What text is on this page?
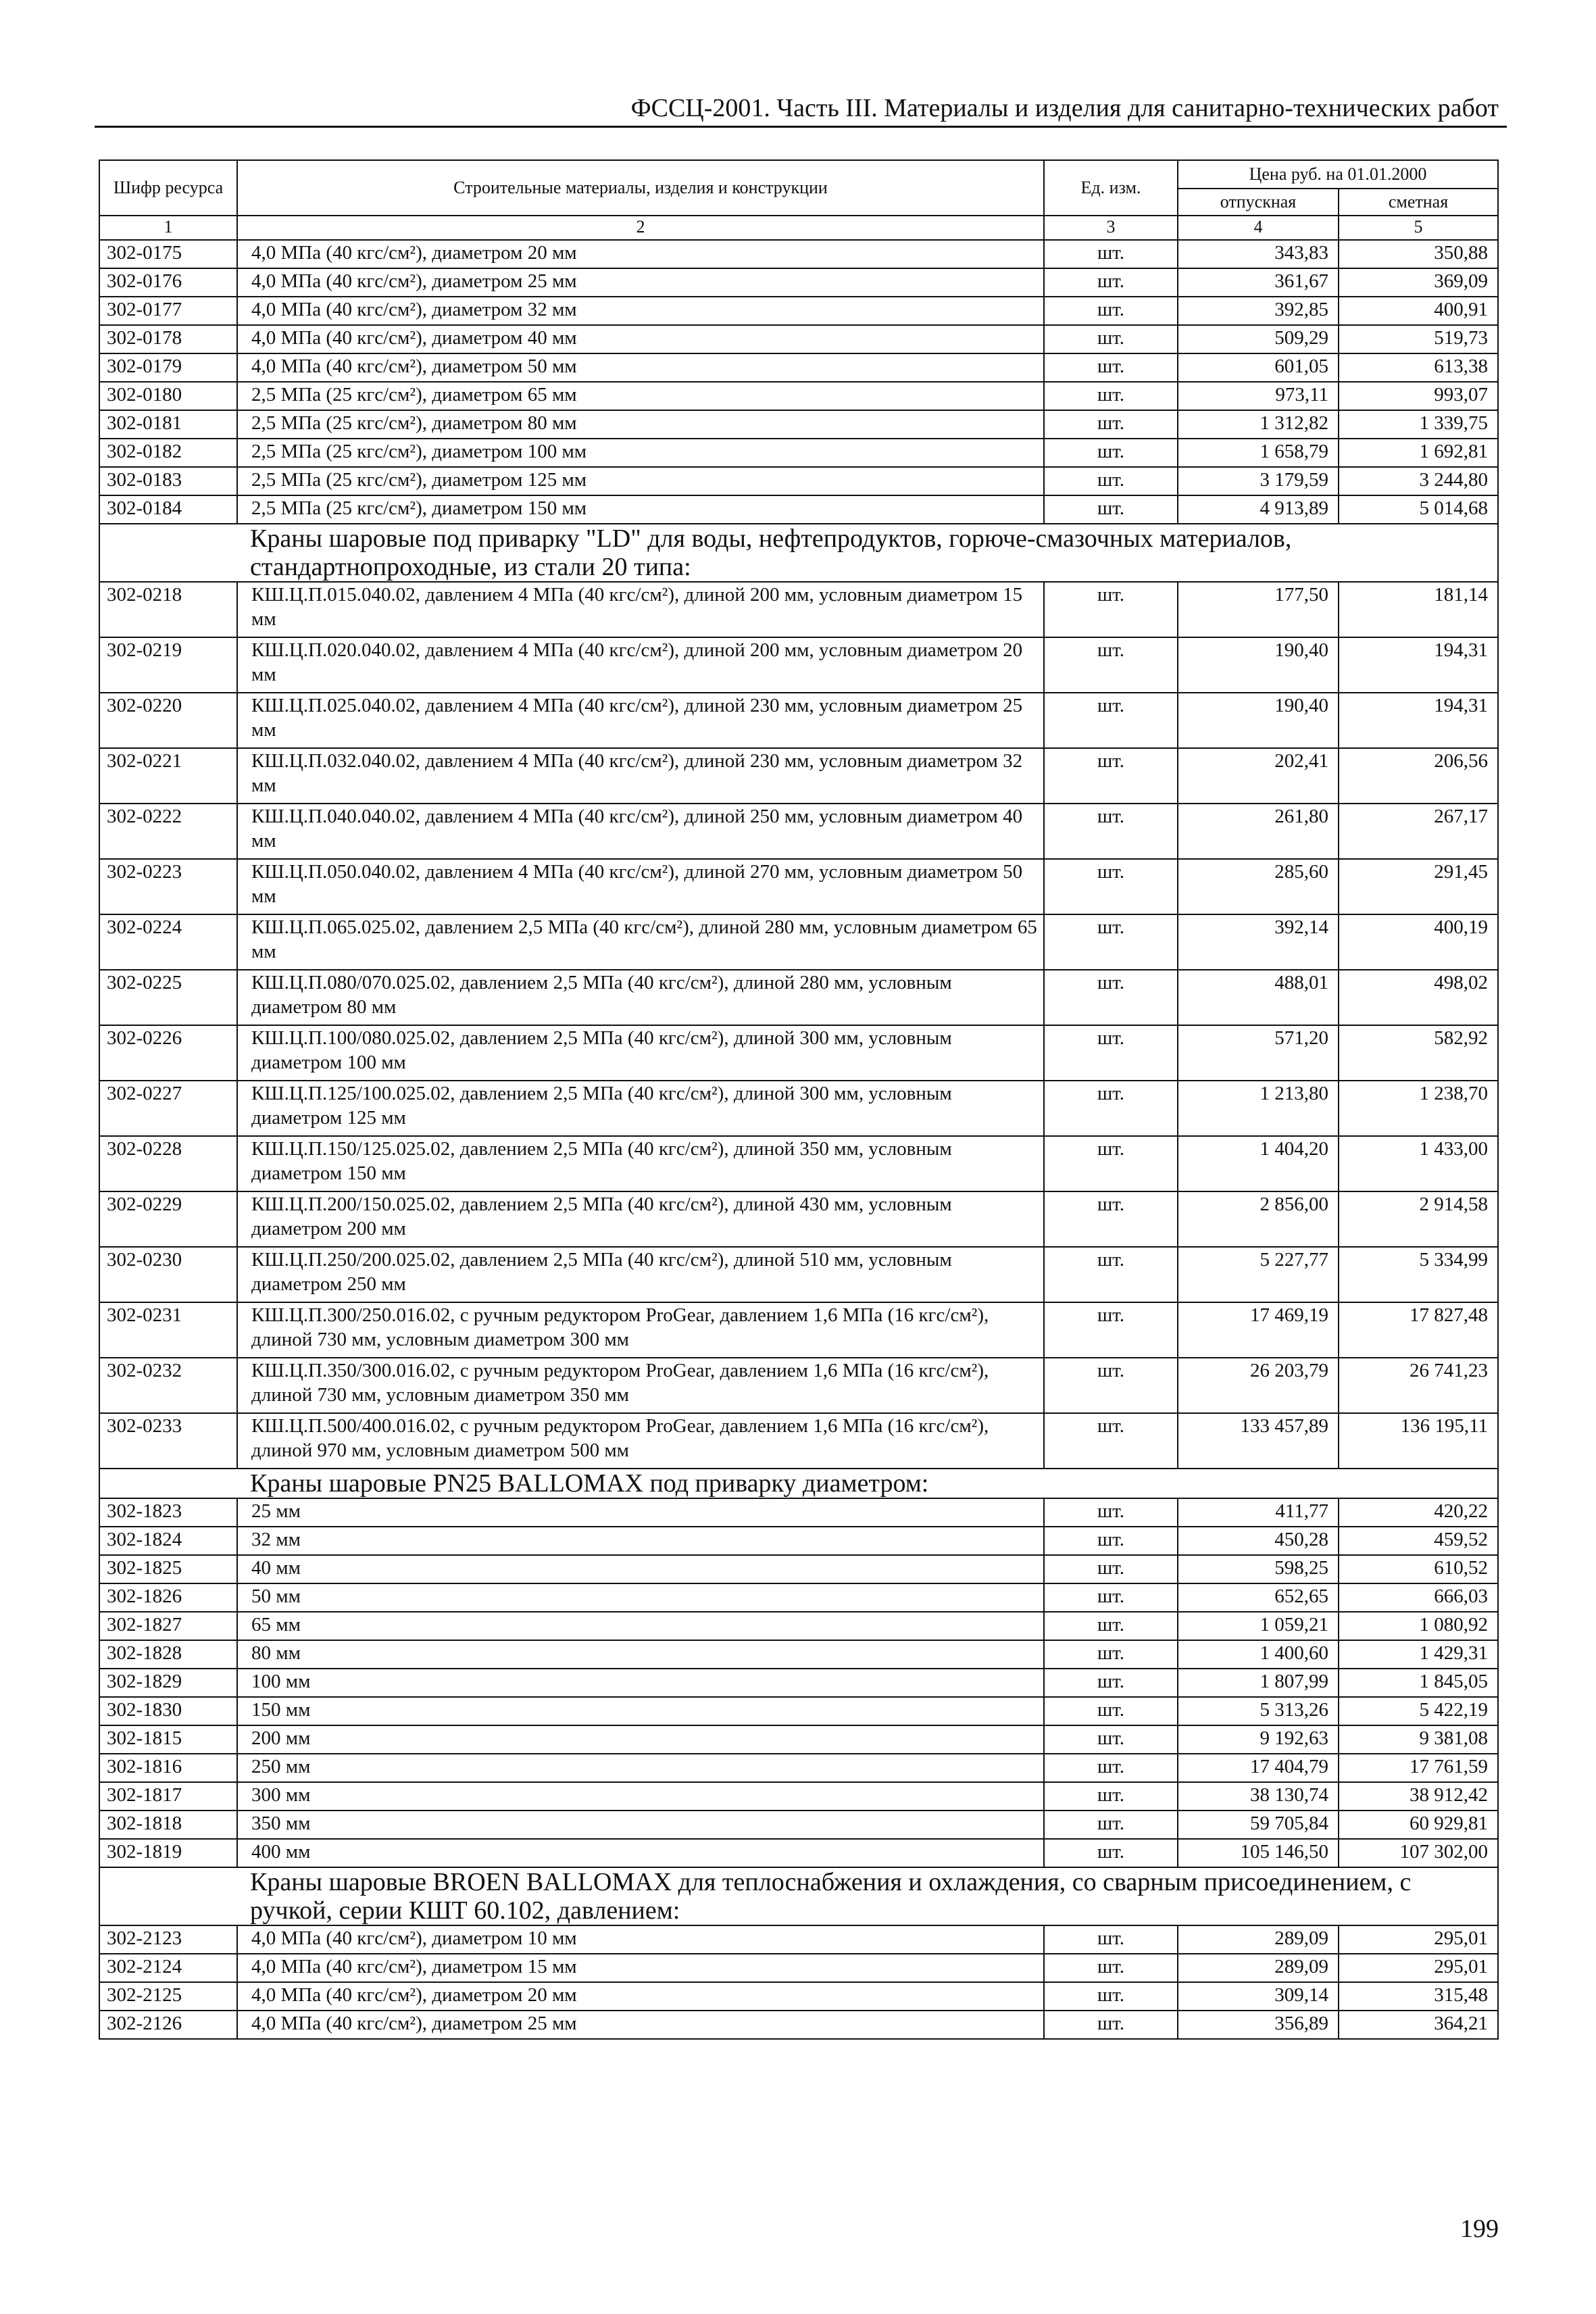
ФССЦ-2001. Часть III. Материалы и изделия для санитарно-технических работ
Шифр ресурса	Строительные материалы, изделия и конструкции	Ед. изм.	Цена руб. на 01.01.2000	
			отпускная	сметная
1	2	3	4	5
302-0175	4,0 МПа (40 кгс/см²), диаметром 20 мм	шт.	343,83	350,88
302-0176	4,0 МПа (40 кгс/см²), диаметром 25 мм	шт.	361,67	369,09
302-0177	4,0 МПа (40 кгс/см²), диаметром 32 мм	шт.	392,85	400,91
302-0178	4,0 МПа (40 кгс/см²), диаметром 40 мм	шт.	509,29	519,73
302-0179	4,0 МПа (40 кгс/см²), диаметром 50 мм	шт.	601,05	613,38
302-0180	2,5 МПа (25 кгс/см²), диаметром 65 мм	шт.	973,11	993,07
302-0181	2,5 МПа (25 кгс/см²), диаметром 80 мм	шт.	1 312,82	1 339,75
302-0182	2,5 МПа (25 кгс/см²), диаметром 100 мм	шт.	1 658,79	1 692,81
302-0183	2,5 МПа (25 кгс/см²), диаметром 125 мм	шт.	3 179,59	3 244,80
302-0184	2,5 МПа (25 кгс/см²), диаметром 150 мм	шт.	4 913,89	5 014,68
Краны шаровые под приварку "LD" для воды, нефтепродуктов, горюче-смазочных материалов, стандартнопроходные, из стали 20 типа:				
302-0218	КШ.Ц.П.015.040.02, давлением 4 МПа (40 кгс/см²), длиной 200 мм, условным диаметром 15 мм	шт.	177,50	181,14
302-0219	КШ.Ц.П.020.040.02, давлением 4 МПа (40 кгс/см²), длиной 200 мм, условным диаметром 20 мм	шт.	190,40	194,31
302-0220	КШ.Ц.П.025.040.02, давлением 4 МПа (40 кгс/см²), длиной 230 мм, условным диаметром 25 мм	шт.	190,40	194,31
302-0221	КШ.Ц.П.032.040.02, давлением 4 МПа (40 кгс/см²), длиной 230 мм, условным диаметром 32 мм	шт.	202,41	206,56
302-0222	КШ.Ц.П.040.040.02, давлением 4 МПа (40 кгс/см²), длиной 250 мм, условным диаметром 40 мм	шт.	261,80	267,17
302-0223	КШ.Ц.П.050.040.02, давлением 4 МПа (40 кгс/см²), длиной 270 мм, условным диаметром 50 мм	шт.	285,60	291,45
302-0224	КШ.Ц.П.065.025.02, давлением 2,5 МПа (40 кгс/см²), длиной 280 мм, условным диаметром 65 мм	шт.	392,14	400,19
302-0225	КШ.Ц.П.080/070.025.02, давлением 2,5 МПа (40 кгс/см²), длиной 280 мм, условным диаметром 80 мм	шт.	488,01	498,02
302-0226	КШ.Ц.П.100/080.025.02, давлением 2,5 МПа (40 кгс/см²), длиной 300 мм, условным диаметром 100 мм	шт.	571,20	582,92
302-0227	КШ.Ц.П.125/100.025.02, давлением 2,5 МПа (40 кгс/см²), длиной 300 мм, условным диаметром 125 мм	шт.	1 213,80	1 238,70
302-0228	КШ.Ц.П.150/125.025.02, давлением 2,5 МПа (40 кгс/см²), длиной 350 мм, условным диаметром 150 мм	шт.	1 404,20	1 433,00
302-0229	КШ.Ц.П.200/150.025.02, давлением 2,5 МПа (40 кгс/см²), длиной 430 мм, условным диаметром 200 мм	шт.	2 856,00	2 914,58
302-0230	КШ.Ц.П.250/200.025.02, давлением 2,5 МПа (40 кгс/см²), длиной 510 мм, условным диаметром 250 мм	шт.	5 227,77	5 334,99
302-0231	КШ.Ц.П.300/250.016.02, с ручным редуктором ProGear, давлением 1,6 МПа (16 кгс/см²), длиной 730 мм, условным диаметром 300 мм	шт.	17 469,19	17 827,48
302-0232	КШ.Ц.П.350/300.016.02, с ручным редуктором ProGear, давлением 1,6 МПа (16 кгс/см²), длиной 730 мм, условным диаметром 350 мм	шт.	26 203,79	26 741,23
302-0233	КШ.Ц.П.500/400.016.02, с ручным редуктором ProGear, давлением 1,6 МПа (16 кгс/см²), длиной 970 мм, условным диаметром 500 мм	шт.	133 457,89	136 195,11
Краны шаровые PN25 BALLOMAX под приварку диаметром:				
302-1823	25 мм	шт.	411,77	420,22
302-1824	32 мм	шт.	450,28	459,52
302-1825	40 мм	шт.	598,25	610,52
302-1826	50 мм	шт.	652,65	666,03
302-1827	65 мм	шт.	1 059,21	1 080,92
302-1828	80 мм	шт.	1 400,60	1 429,31
302-1829	100 мм	шт.	1 807,99	1 845,05
302-1830	150 мм	шт.	5 313,26	5 422,19
302-1815	200 мм	шт.	9 192,63	9 381,08
302-1816	250 мм	шт.	17 404,79	17 761,59
302-1817	300 мм	шт.	38 130,74	38 912,42
302-1818	350 мм	шт.	59 705,84	60 929,81
302-1819	400 мм	шт.	105 146,50	107 302,00
Краны шаровые BROEN BALLOMAX для теплоснабжения и охлаждения, со сварным присоединением, с ручкой, серии КШТ 60.102, давлением:				
302-2123	4,0 МПа (40 кгс/см²), диаметром 10 мм	шт.	289,09	295,01
302-2124	4,0 МПа (40 кгс/см²), диаметром 15 мм	шт.	289,09	295,01
302-2125	4,0 МПа (40 кгс/см²), диаметром 20 мм	шт.	309,14	315,48
302-2126	4,0 МПа (40 кгс/см²), диаметром 25 мм	шт.	356,89	364,21
199
